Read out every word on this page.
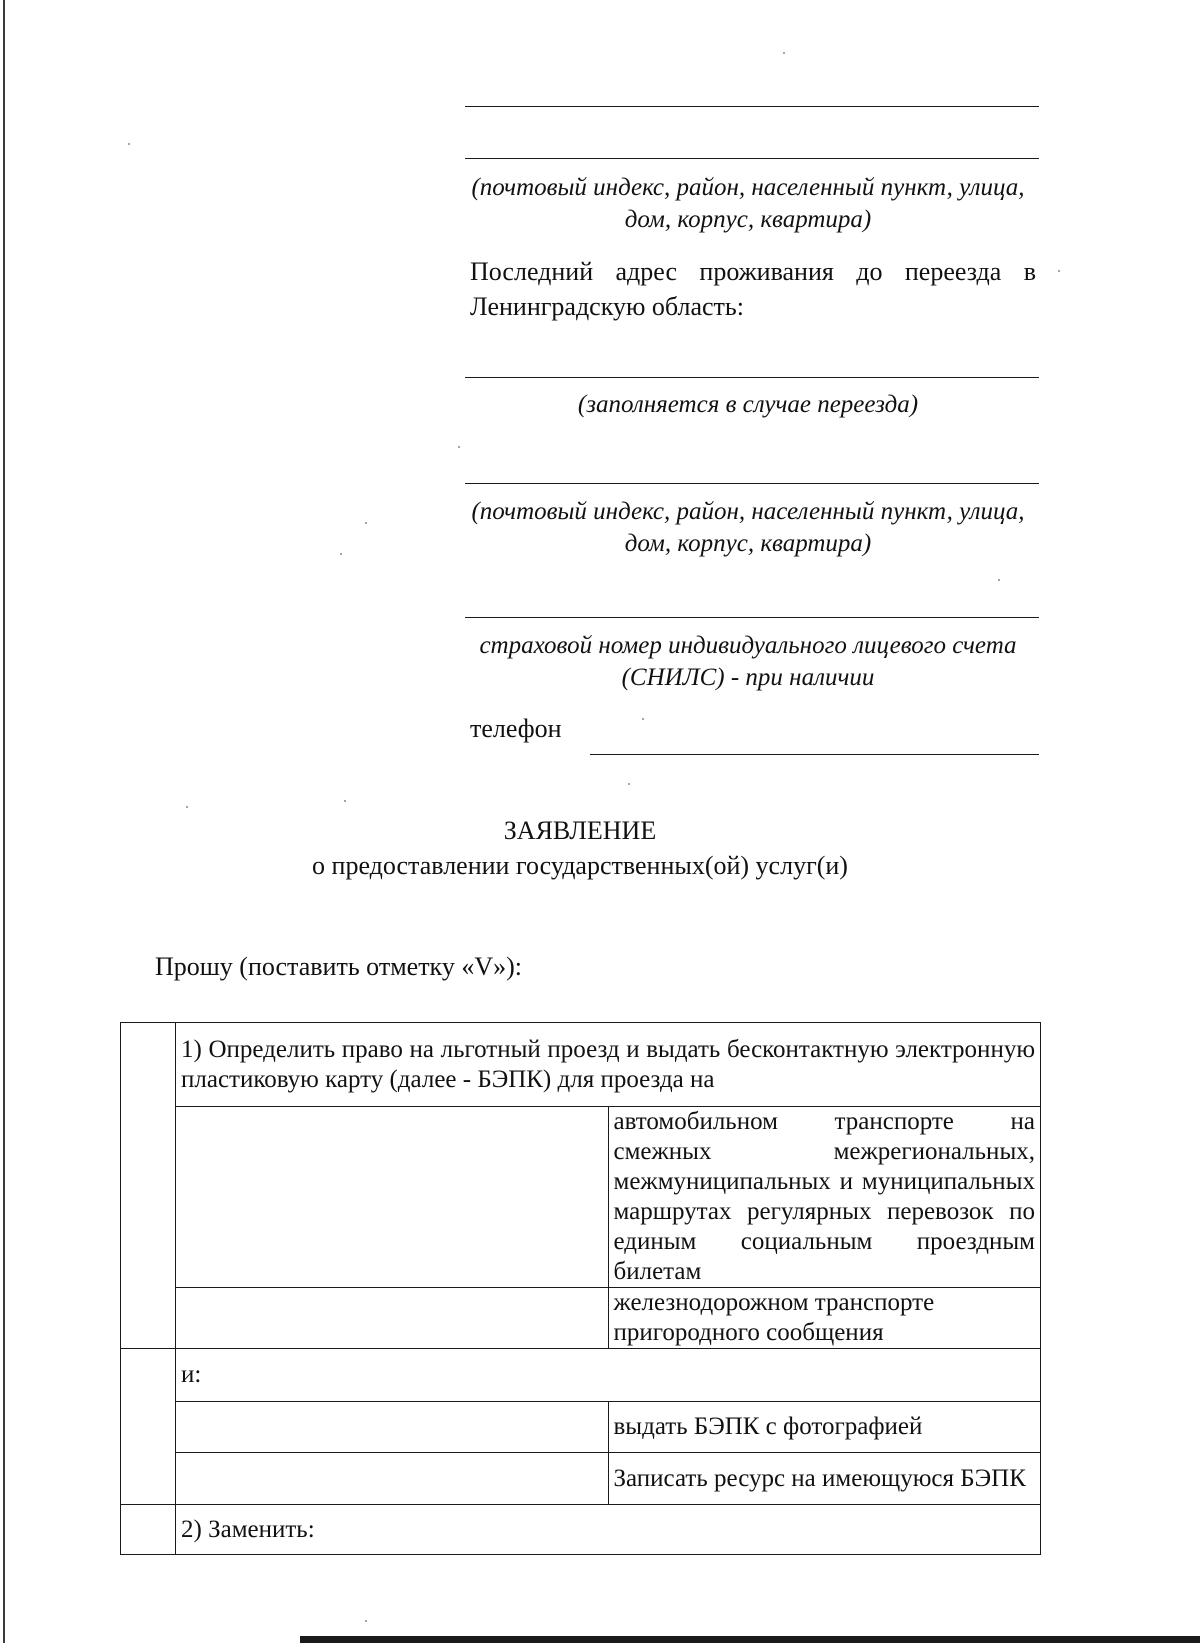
(почтовый индекс, район, населенный пункт, улица, дом, корпус, квартира)
Последний адрес проживания до переезда в Ленинградскую область:
(заполняется в случае переезда)
(почтовый индекс, район, населенный пункт, улица, дом, корпус, квартира)
страховой номер индивидуального лицевого счета (СНИЛС) - при наличии
телефон
ЗАЯВЛЕНИЕ
о предоставлении государственных(ой) услуг(и)
Прошу (поставить отметку «V»):
	1) Определить право на льготный проезд и выдать бесконтактную электронную пластиковую карту (далее - БЭПК) для проезда на	
		автомобильном транспорте на смежных межрегиональных, межмуниципальных и муниципальных маршрутах регулярных перевозок по единым социальным проездным билетам
		железнодорожном транспорте пригородного сообщения
	и:	
		выдать БЭПК с фотографией
		Записать ресурс на имеющуюся БЭПК
	2) Заменить:	
